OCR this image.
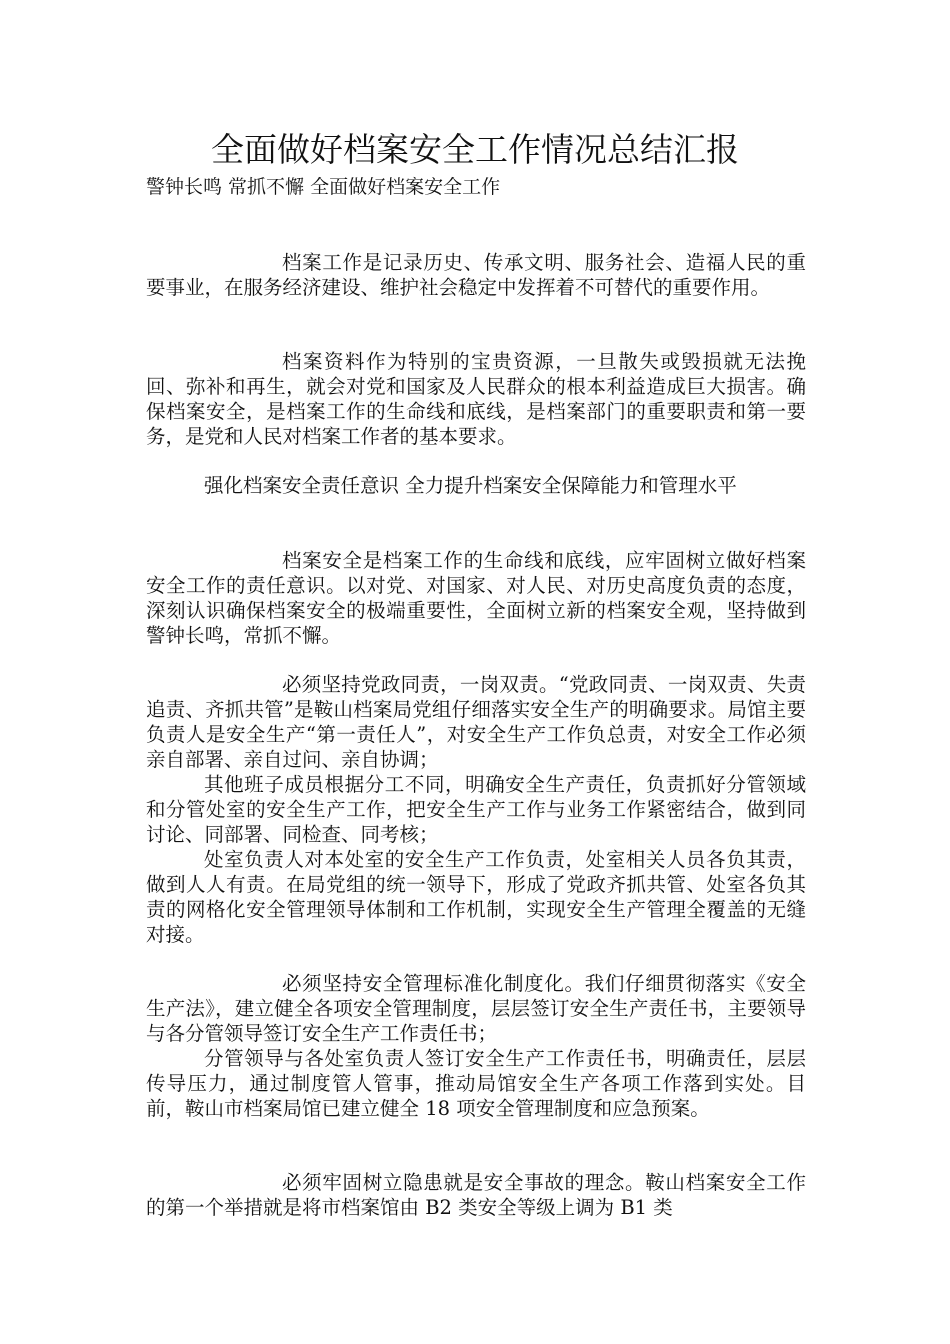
全面做好档案安全工作情况总结汇报

警钟长鸣 常抓不懈 全面做好档案安全工作

档案工作是记录历史、传承文明、服务社会、造福人民的重要事业，在服务经济建设、维护社会稳定中发挥着不可替代的重要作用。

档案资料作为特别的宝贵资源，一旦散失或毁损就无法挽回、弥补和再生，就会对党和国家及人民群众的根本利益造成巨大损害。确保档案安全，是档案工作的生命线和底线，是档案部门的重要职责和第一要务，是党和人民对档案工作者的基本要求。

强化档案安全责任意识 全力提升档案安全保障能力和管理水平

档案安全是档案工作的生命线和底线，应牢固树立做好档案安全工作的责任意识。以对党、对国家、对人民、对历史高度负责的态度，深刻认识确保档案安全的极端重要性，全面树立新的档案安全观，坚持做到警钟长鸣，常抓不懈。

必须坚持党政同责，一岗双责。“党政同责、一岗双责、失责追责、齐抓共管”是鞍山档案局党组仔细落实安全生产的明确要求。局馆主要负责人是安全生产“第一责任人”，对安全生产工作负总责，对安全工作必须亲自部署、亲自过问、亲自协调；

其他班子成员根据分工不同，明确安全生产责任，负责抓好分管领域和分管处室的安全生产工作，把安全生产工作与业务工作紧密结合，做到同讨论、同部署、同检查、同考核；

处室负责人对本处室的安全生产工作负责，处室相关人员各负其责，做到人人有责。在局党组的统一领导下，形成了党政齐抓共管、处室各负其责的网格化安全管理领导体制和工作机制，实现安全生产管理全覆盖的无缝对接。

必须坚持安全管理标准化制度化。我们仔细贯彻落实《安全生产法》，建立健全各项安全管理制度，层层签订安全生产责任书，主要领导与各分管领导签订安全生产工作责任书；

分管领导与各处室负责人签订安全生产工作责任书，明确责任，层层传导压力，通过制度管人管事，推动局馆安全生产各项工作落到实处。目前，鞍山市档案局馆已建立健全 18 项安全管理制度和应急预案。

必须牢固树立隐患就是安全事故的理念。鞍山档案安全工作的第一个举措就是将市档案馆由 B2 类安全等级上调为 B1 类
